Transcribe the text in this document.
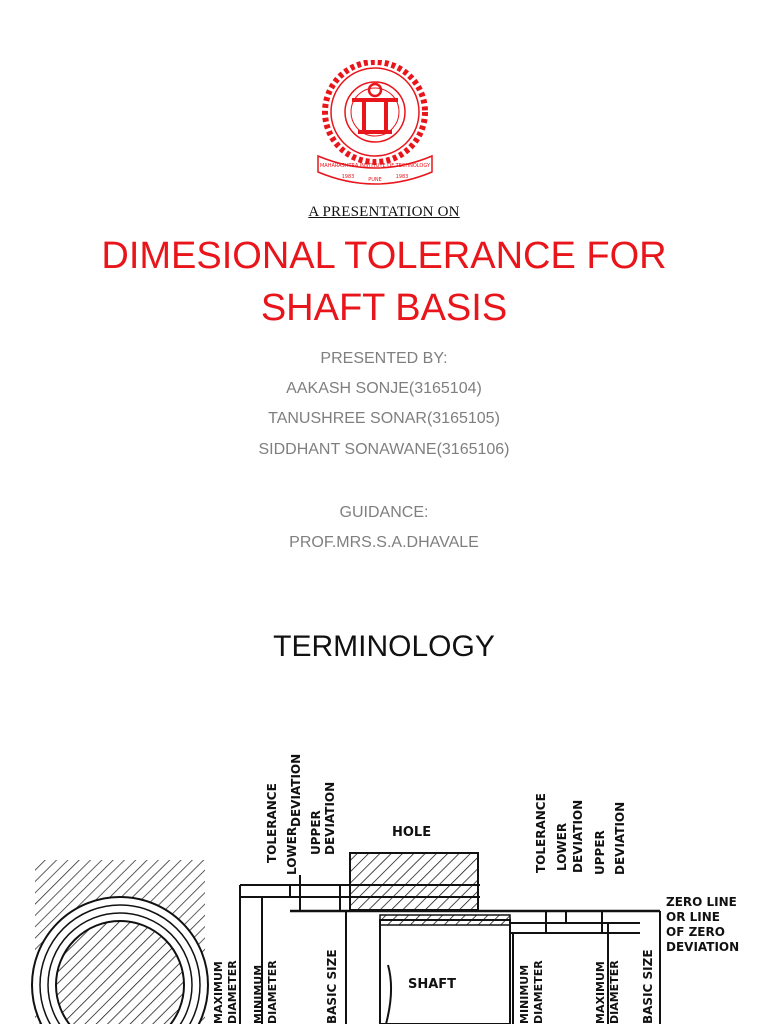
MAHARASHTRA INSTITUTE OF TECHNOLOGY
1983	PUNE	1983
A PRESENTATION ON
DIMESIONAL TOLERANCE FOR
SHAFT BASIS
PRESENTED BY:
AAKASH SONJE(3165104)
TANUSHREE SONAR(3165105)
SIDDHANT SONAWANE(3165106)
GUIDANCE:
PROF.MRS.S.A.DHAVALE
TERMINOLOGY
TOLERANCE LOWER
DEVIATION
UPPER DEVIATION	HOLE
SHAFT
MAXIMUM DIAMETER MINIMUM DIAMETER	BASIC SIZE
TOLERANCE LOWER DEVIATION UPPER DEVIATION
MINIMUM DIAMETER	MAXIMUM DIAMETER BASIC SIZE
ZERO LINE
OR LINE
OF ZERO
DEVIATION
